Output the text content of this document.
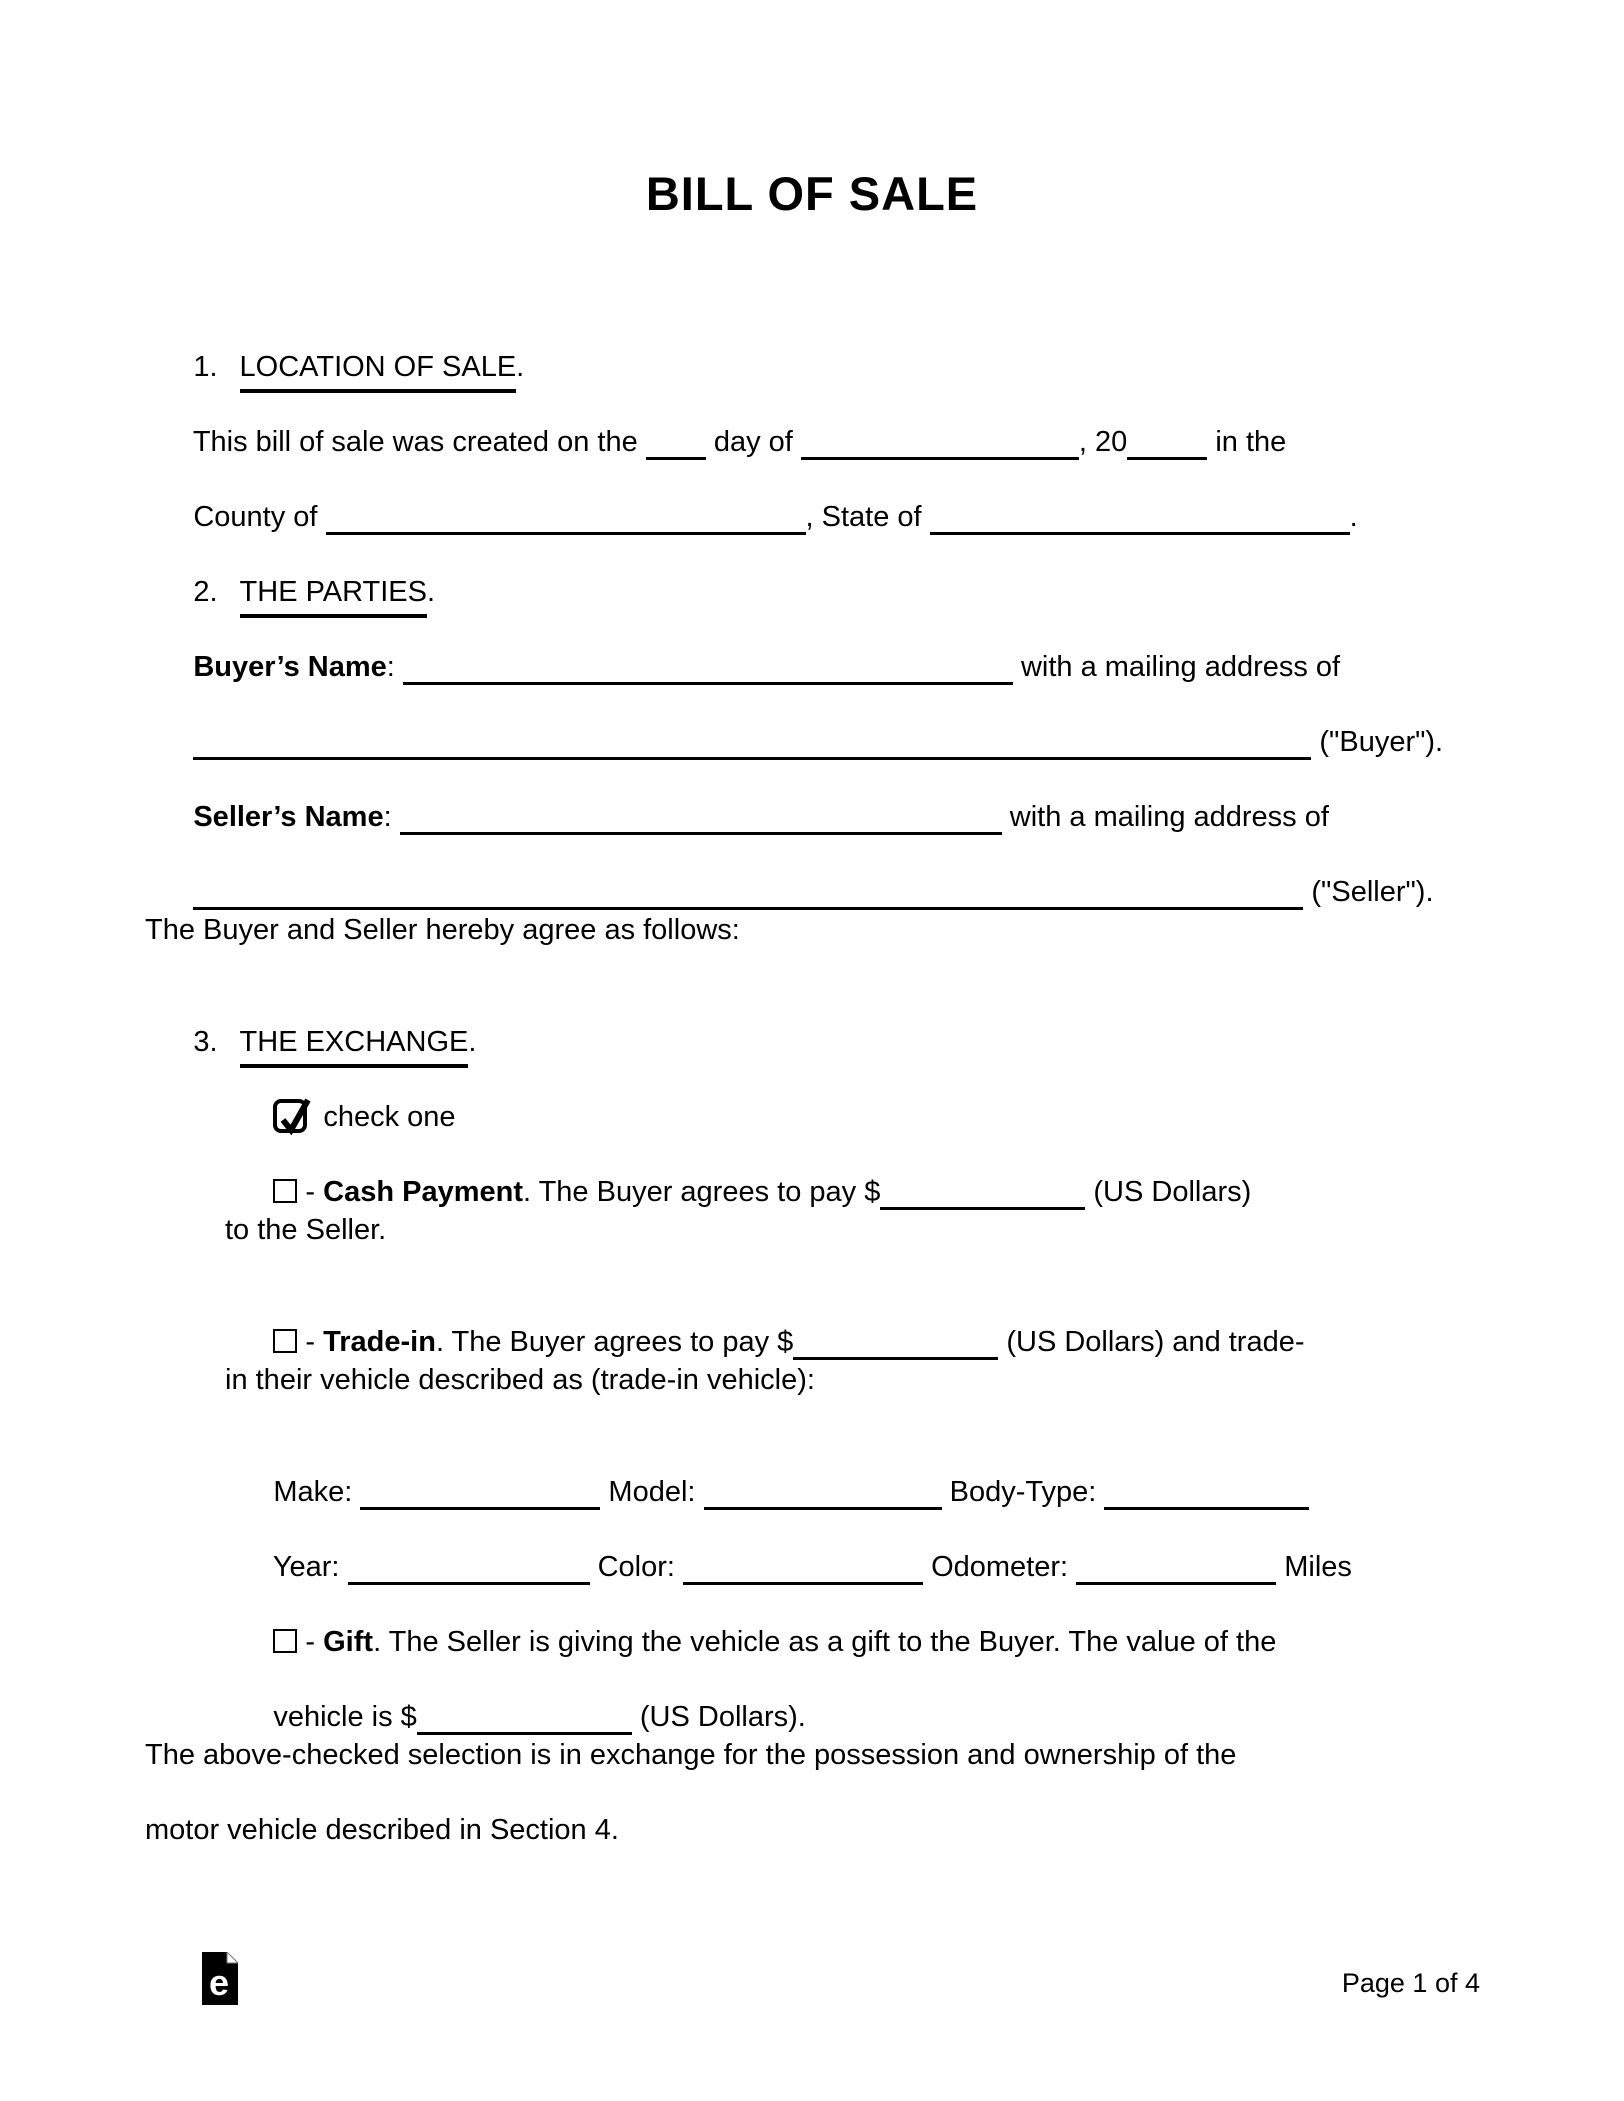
BILL OF SALE

1. LOCATION OF SALE.

This bill of sale was created on the  day of	, 20	in the

County of	, State of	.

2. THE PARTIES.

Buyer’s Name:	with a mailing address of

("Buyer").

Seller’s Name:	with a mailing address of

("Seller").

The Buyer and Seller hereby agree as follows:

3. THE EXCHANGE.

check one

- Cash Payment. The Buyer agrees to pay $	(US Dollars)

to the Seller.

- Trade-in. The Buyer agrees to pay $	(US Dollars) and trade-

in their vehicle described as (trade-in vehicle):

Make:	Model:	Body-Type:

Year:	Color:	Odometer:	Miles

- Gift. The Seller is giving the vehicle as a gift to the Buyer. The value of the

vehicle is $	(US Dollars).

The above-checked selection is in exchange for the possession and ownership of the
motor vehicle described in Section 4.
e	Page 1 of 4
